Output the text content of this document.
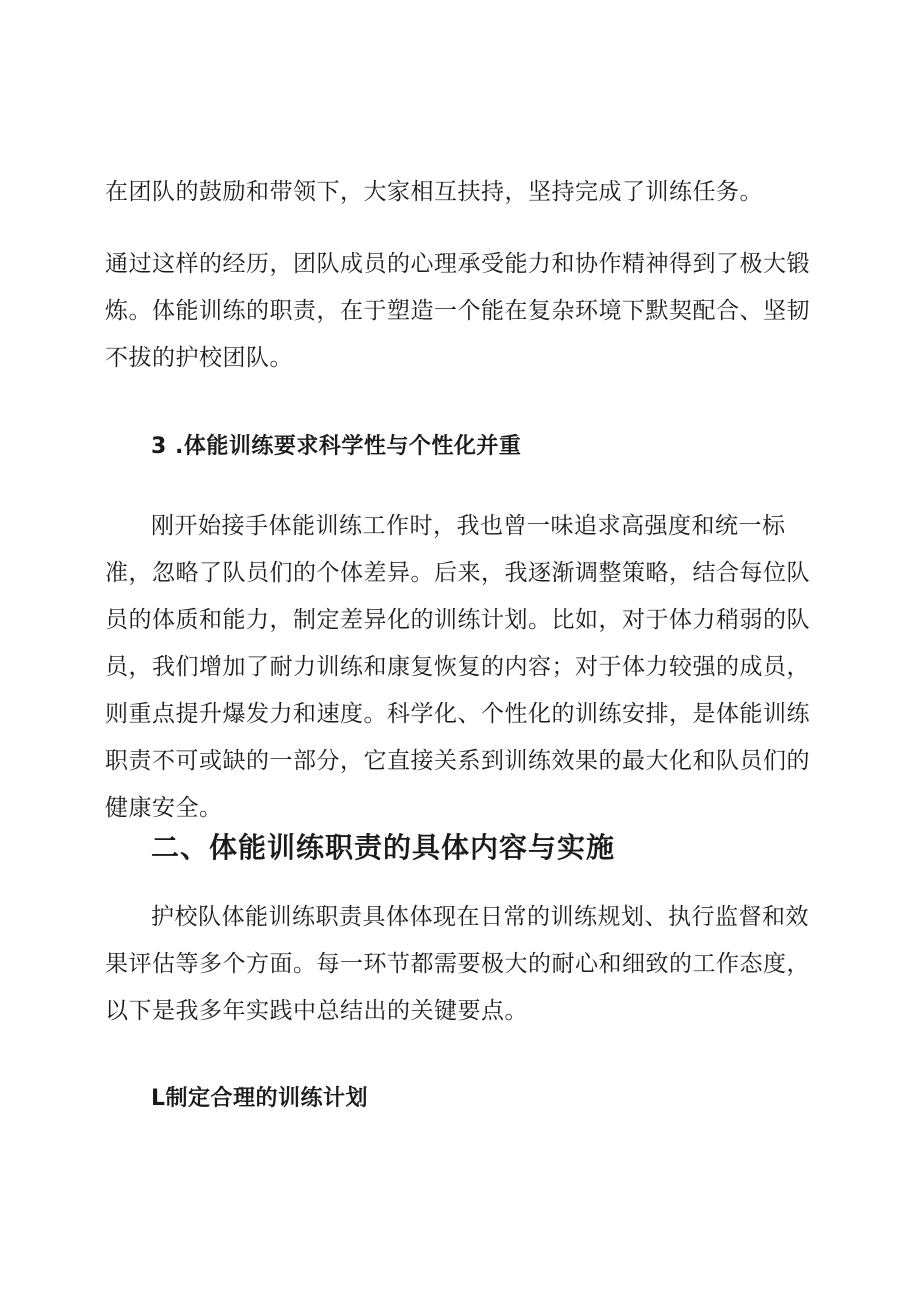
在团队的鼓励和带领下，大家相互扶持，坚持完成了训练任务。

通过这样的经历，团队成员的心理承受能力和协作精神得到了极大锻炼。体能训练的职责，在于塑造一个能在复杂环境下默契配合、坚韧不拔的护校团队。

3 .体能训练要求科学性与个性化并重

刚开始接手体能训练工作时，我也曾一味追求高强度和统一标准，忽略了队员们的个体差异。后来，我逐渐调整策略，结合每位队员的体质和能力，制定差异化的训练计划。比如，对于体力稍弱的队员，我们增加了耐力训练和康复恢复的内容；对于体力较强的成员，则重点提升爆发力和速度。科学化、个性化的训练安排，是体能训练职责不可或缺的一部分，它直接关系到训练效果的最大化和队员们的健康安全。

二、体能训练职责的具体内容与实施

护校队体能训练职责具体体现在日常的训练规划、执行监督和效果评估等多个方面。每一环节都需要极大的耐心和细致的工作态度，以下是我多年实践中总结出的关键要点。

L制定合理的训练计划
